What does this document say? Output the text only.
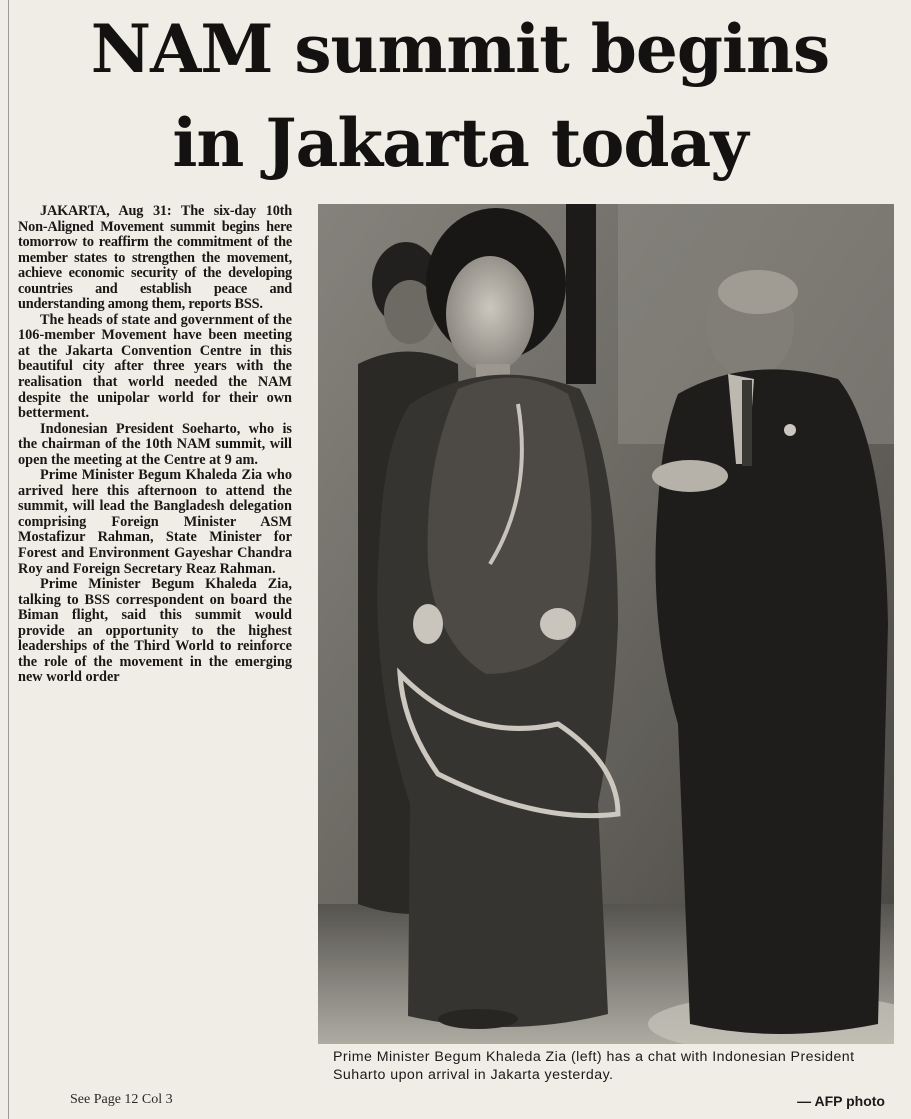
NAM summit begins
in Jakarta today

JAKARTA, Aug 31: The six-day 10th Non-Aligned Movement summit begins here tomorrow to reaffirm the commitment of the member states to strengthen the movement, achieve economic security of the developing countries and establish peace and understanding among them, reports BSS.

The heads of state and government of the 106-member Movement have been meeting at the Jakarta Convention Centre in this beautiful city after three years with the realisation that world needed the NAM despite the unipolar world for their own betterment.

Indonesian President Soeharto, who is the chairman of the 10th NAM summit, will open the meeting at the Centre at 9 am.

Prime Minister Begum Khaleda Zia who arrived here this afternoon to attend the summit, will lead the Bangladesh delegation comprising Foreign Minister ASM Mostafizur Rahman, State Minister for Forest and Environment Gayeshar Chandra Roy and Foreign Secretary Reaz Rahman.

Prime Minister Begum Khaleda Zia, talking to BSS correspondent on board the Biman flight, said this summit would provide an opportunity to the highest leaderships of the Third World to reinforce the role of the movement in the emerging new world order

See Page 12 Col 3

Prime Minister Begum Khaleda Zia (left) has a chat with Indonesian President Suharto upon arrival in Jakarta yesterday.

— AFP photo
